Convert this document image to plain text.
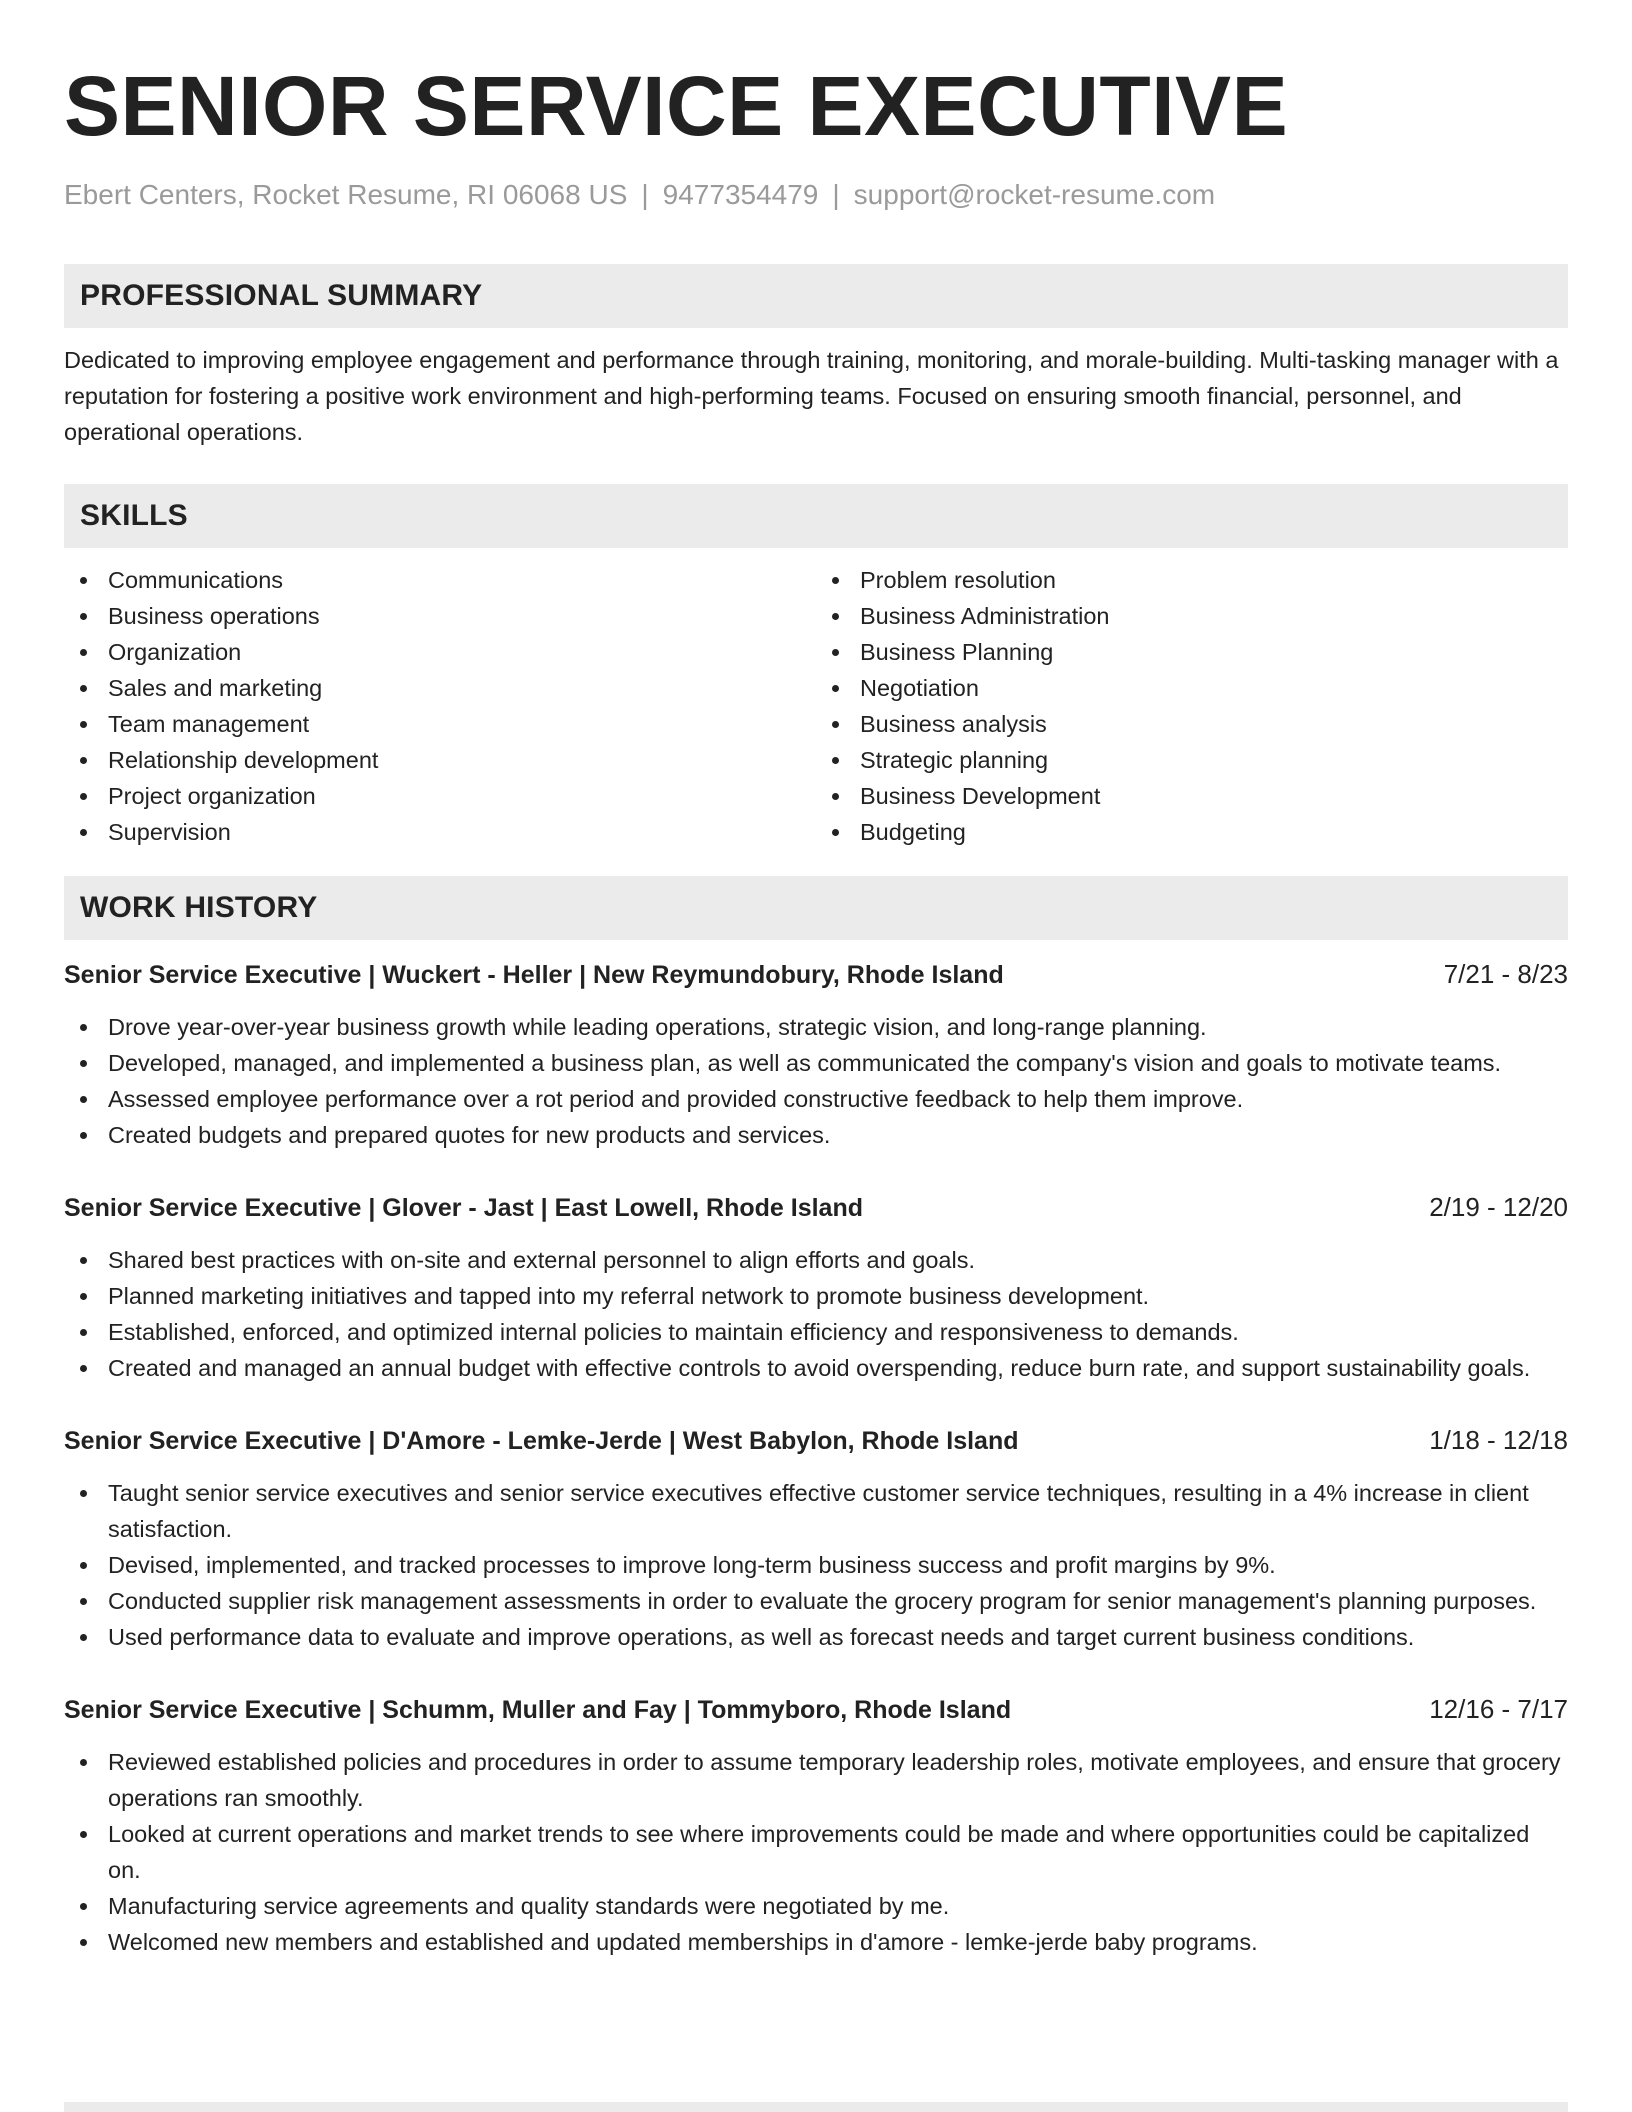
SENIOR SERVICE EXECUTIVE
Ebert Centers, Rocket Resume, RI 06068 US | 9477354479 | support@rocket-resume.com
PROFESSIONAL SUMMARY
Dedicated to improving employee engagement and performance through training, monitoring, and morale-building. Multi-tasking manager with a reputation for fostering a positive work environment and high-performing teams. Focused on ensuring smooth financial, personnel, and operational operations.
SKILLS
Communications
Business operations
Organization
Sales and marketing
Team management
Relationship development
Project organization
Supervision
Problem resolution
Business Administration
Business Planning
Negotiation
Business analysis
Strategic planning
Business Development
Budgeting
WORK HISTORY
Senior Service Executive | Wuckert - Heller | New Reymundobury, Rhode Island	7/21 - 8/23
Drove year-over-year business growth while leading operations, strategic vision, and long-range planning.
Developed, managed, and implemented a business plan, as well as communicated the company's vision and goals to motivate teams.
Assessed employee performance over a rot period and provided constructive feedback to help them improve.
Created budgets and prepared quotes for new products and services.
Senior Service Executive | Glover - Jast | East Lowell, Rhode Island	2/19 - 12/20
Shared best practices with on-site and external personnel to align efforts and goals.
Planned marketing initiatives and tapped into my referral network to promote business development.
Established, enforced, and optimized internal policies to maintain efficiency and responsiveness to demands.
Created and managed an annual budget with effective controls to avoid overspending, reduce burn rate, and support sustainability goals.
Senior Service Executive | D'Amore - Lemke-Jerde | West Babylon, Rhode Island	1/18 - 12/18
Taught senior service executives and senior service executives effective customer service techniques, resulting in a 4% increase in client satisfaction.
Devised, implemented, and tracked processes to improve long-term business success and profit margins by 9%.
Conducted supplier risk management assessments in order to evaluate the grocery program for senior management's planning purposes.
Used performance data to evaluate and improve operations, as well as forecast needs and target current business conditions.
Senior Service Executive | Schumm, Muller and Fay | Tommyboro, Rhode Island	12/16 - 7/17
Reviewed established policies and procedures in order to assume temporary leadership roles, motivate employees, and ensure that grocery operations ran smoothly.
Looked at current operations and market trends to see where improvements could be made and where opportunities could be capitalized on.
Manufacturing service agreements and quality standards were negotiated by me.
Welcomed new members and established and updated memberships in d'amore - lemke-jerde baby programs.
